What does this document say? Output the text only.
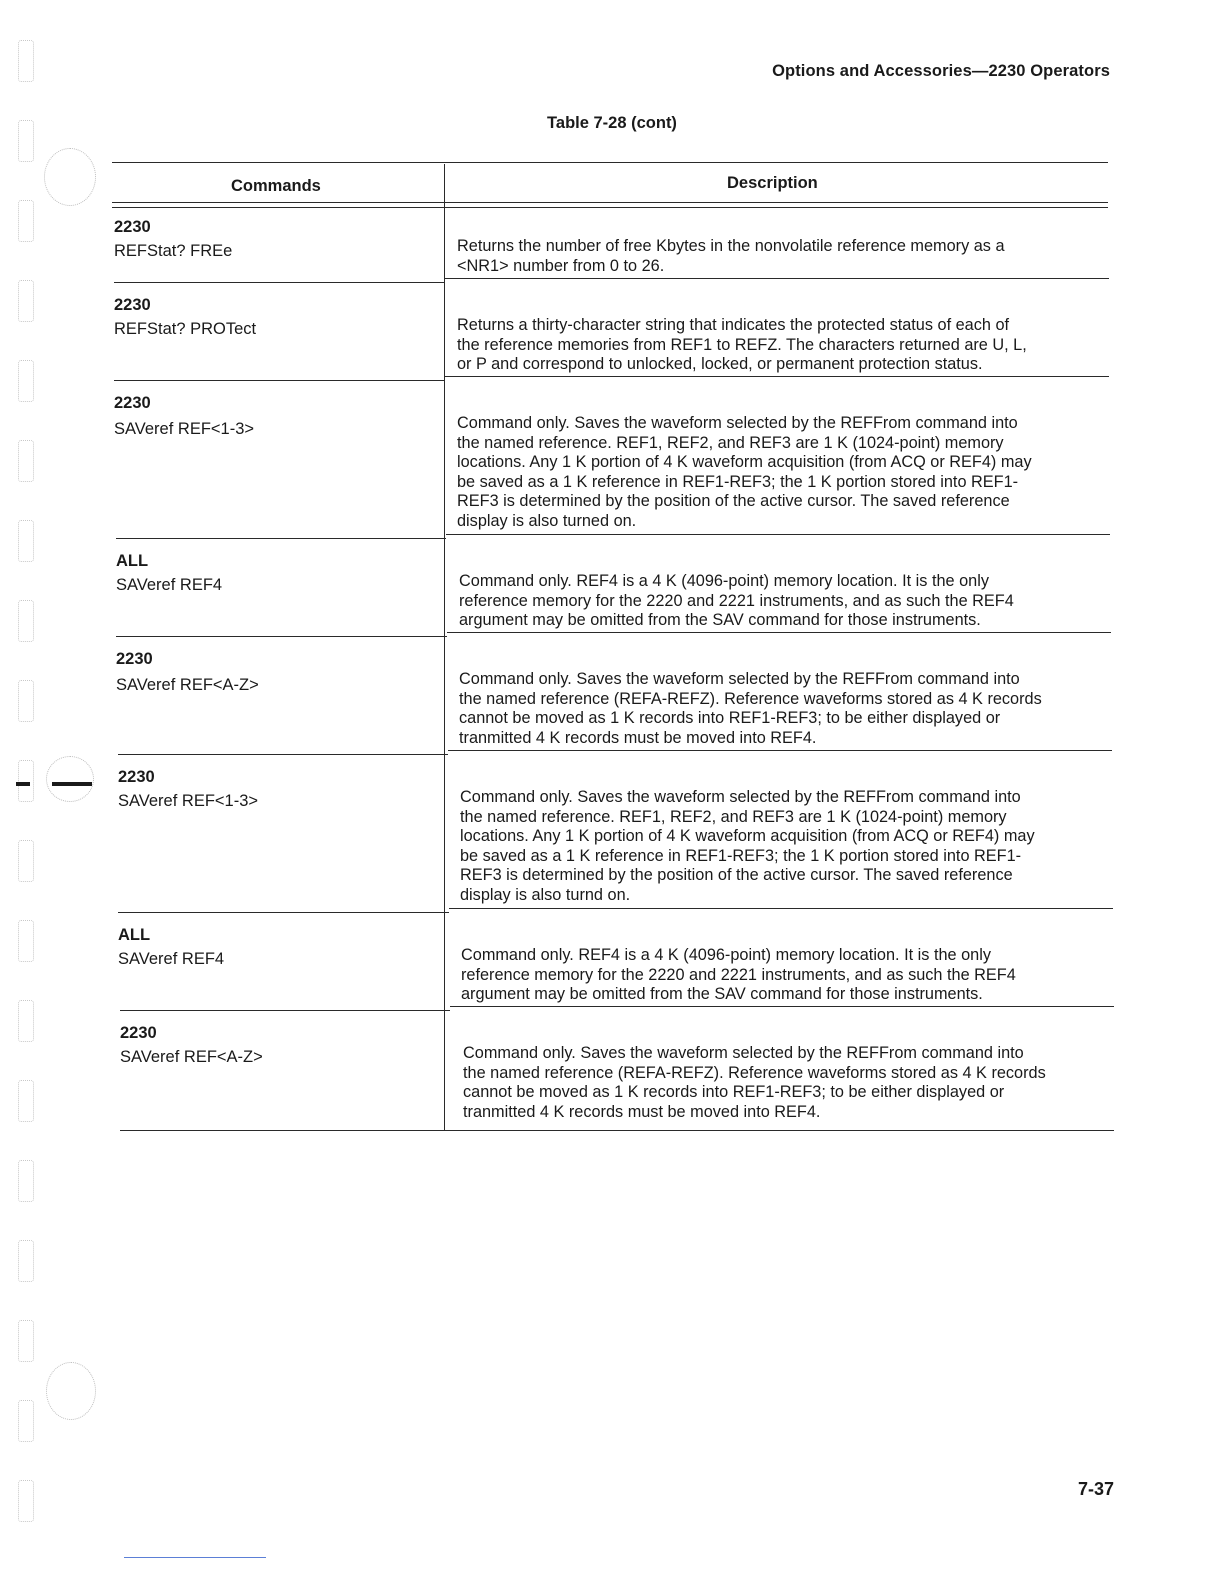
Options and Accessories—2230 Operators
Table 7-28 (cont)
Commands	Description
2230
REFStat? FREe	Returns the number of free Kbytes in the nonvolatile reference memory as a
<NR1> number from 0 to 26.
2230
REFStat? PROTect	Returns a thirty-character string that indicates the protected status of each of
the reference memories from REF1 to REFZ. The characters returned are U, L,
or P and correspond to unlocked, locked, or permanent protection status.
2230
SAVeref REF<1-3>	Command only. Saves the waveform selected by the REFFrom command into
the named reference. REF1, REF2, and REF3 are 1 K (1024-point) memory
locations. Any 1 K portion of 4 K waveform acquisition (from ACQ or REF4) may
be saved as a 1 K reference in REF1-REF3; the 1 K portion stored into REF1-
REF3 is determined by the position of the active cursor. The saved reference
display is also turned on.
ALL
SAVeref REF4	Command only. REF4 is a 4 K (4096-point) memory location. It is the only
reference memory for the 2220 and 2221 instruments, and as such the REF4
argument may be omitted from the SAV command for those instruments.
2230
SAVeref REF<A-Z>	Command only. Saves the waveform selected by the REFFrom command into
the named reference (REFA-REFZ). Reference waveforms stored as 4 K records
cannot be moved as 1 K records into REF1-REF3; to be either displayed or
tranmitted 4 K records must be moved into REF4.
2230
SAVeref REF<1-3>	Command only. Saves the waveform selected by the REFFrom command into
the named reference. REF1, REF2, and REF3 are 1 K (1024-point) memory
locations. Any 1 K portion of 4 K waveform acquisition (from ACQ or REF4) may
be saved as a 1 K reference in REF1-REF3; the 1 K portion stored into REF1-
REF3 is determined by the position of the active cursor. The saved reference
display is also turnd on.
ALL
SAVeref REF4	Command only. REF4 is a 4 K (4096-point) memory location. It is the only
reference memory for the 2220 and 2221 instruments, and as such the REF4
argument may be omitted from the SAV command for those instruments.
2230
SAVeref REF<A-Z>	Command only. Saves the waveform selected by the REFFrom command into
the named reference (REFA-REFZ). Reference waveforms stored as 4 K records
cannot be moved as 1 K records into REF1-REF3; to be either displayed or
tranmitted 4 K records must be moved into REF4.
7-37
